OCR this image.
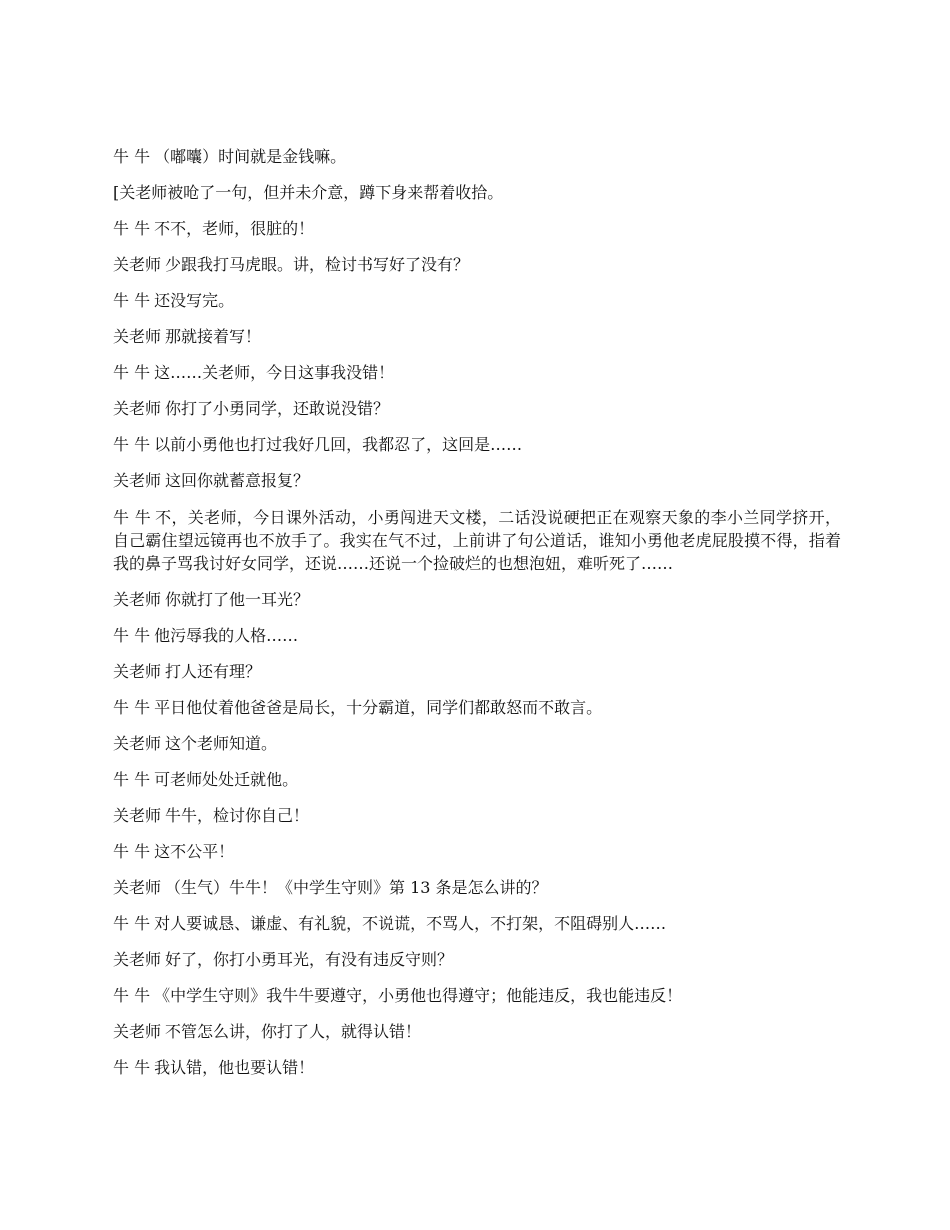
牛 牛 （嘟囔）时间就是金钱嘛。

[关老师被呛了一句，但并未介意，蹲下身来帮着收拾。

牛 牛 不不，老师，很脏的！

关老师 少跟我打马虎眼。讲，检讨书写好了没有？

牛 牛 还没写完。

关老师 那就接着写！

牛 牛 这……关老师，今日这事我没错！

关老师 你打了小勇同学，还敢说没错？

牛 牛 以前小勇他也打过我好几回，我都忍了，这回是……

关老师 这回你就蓄意报复？

牛 牛 不，关老师，今日课外活动，小勇闯进天文楼，二话没说硬把正在观察天象的李小兰同学挤开，自己霸住望远镜再也不放手了。我实在气不过，上前讲了句公道话，谁知小勇他老虎屁股摸不得，指着我的鼻子骂我讨好女同学，还说……还说一个捡破烂的也想泡妞，难听死了……

关老师 你就打了他一耳光？

牛 牛 他污辱我的人格……

关老师 打人还有理？

牛 牛 平日他仗着他爸爸是局长，十分霸道，同学们都敢怒而不敢言。

关老师 这个老师知道。

牛 牛 可老师处处迁就他。

关老师 牛牛，检讨你自己！

牛 牛 这不公平！

关老师 （生气）牛牛！《中学生守则》第 13 条是怎么讲的？

牛 牛 对人要诚恳、谦虚、有礼貌，不说谎，不骂人，不打架，不阻碍别人……

关老师 好了，你打小勇耳光，有没有违反守则？

牛 牛 《中学生守则》我牛牛要遵守，小勇他也得遵守；他能违反，我也能违反！

关老师 不管怎么讲，你打了人，就得认错！

牛 牛 我认错，他也要认错！
